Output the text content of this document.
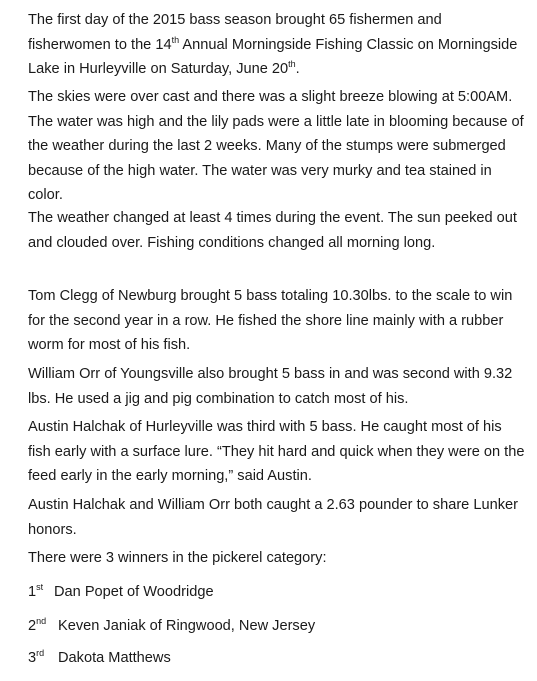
The first day of the 2015 bass season brought 65 fishermen and fisherwomen to the 14th Annual Morningside Fishing Classic on Morningside Lake in Hurleyville on Saturday, June 20th.

The skies were over cast and there was a slight breeze blowing at 5:00AM. The water was high and the lily pads were a little late in blooming because of the weather during the last 2 weeks. Many of the stumps were submerged because of the high water. The water was very murky and tea stained in color.

The weather changed at least 4 times during the event. The sun peeked out and clouded over. Fishing conditions changed all morning long.

Tom Clegg of Newburg brought 5 bass totaling 10.30lbs. to the scale to win for the second year in a row. He fished the shore line mainly with a rubber worm for most of his fish.

William Orr of Youngsville also brought 5 bass in and was second with 9.32 lbs. He used a jig and pig combination to catch most of his.

Austin Halchak of Hurleyville was third with 5 bass. He caught most of his fish early with a surface lure. “They hit hard and quick when they were on the feed early in the early morning,” said Austin.

Austin Halchak and William Orr both caught a 2.63 pounder to share Lunker honors.

There were 3 winners in the pickerel category:

1st Dan Popet of Woodridge

2nd Keven Janiak of Ringwood, New Jersey

3rd Dakota Matthews
